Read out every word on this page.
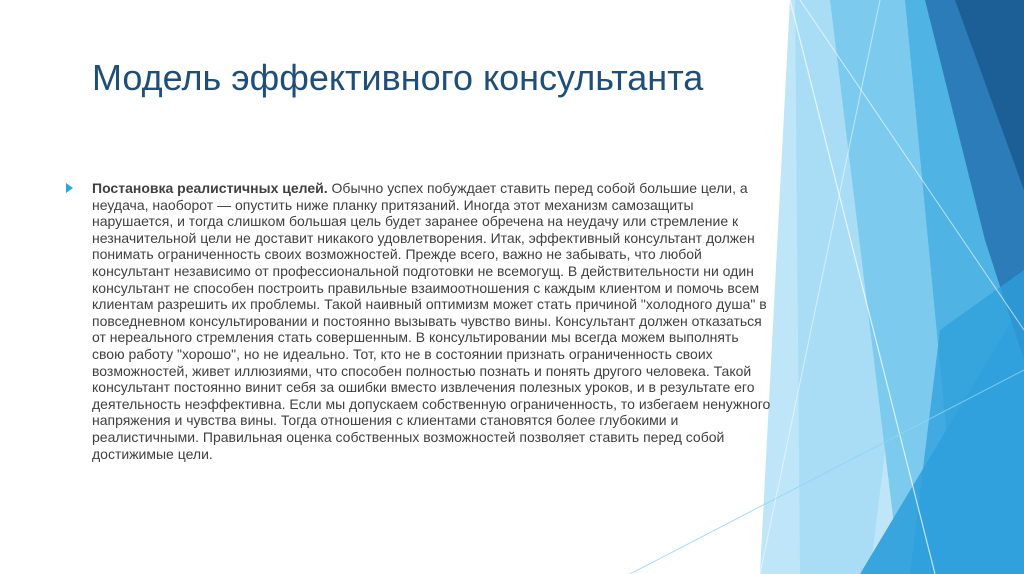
Модель эффективного консультанта
Постановка реалистичных целей. Обычно успех побуждает ставить перед собой большие цели, а неудача, наоборот — опустить ниже планку притязаний. Иногда этот механизм самозащиты нарушается, и тогда слишком большая цель будет заранее обречена на неудачу или стремление к незначительной цели не доставит никакого удовлетворения. Итак, эффективный консультант должен понимать ограниченность своих возможностей. Прежде всего, важно не забывать, что любой консультант независимо от профессиональной подготовки не всемогущ. В действительности ни один консультант не способен построить правильные взаимоотношения с каждым клиентом и помочь всем клиентам разрешить их проблемы. Такой наивный оптимизм может стать причиной "холодного душа" в повседневном консультировании и постоянно вызывать чувство вины. Консультант должен отказаться от нереального стремления стать совершенным. В консультировании мы всегда можем выполнять свою работу "хорошо", но не идеально. Тот, кто не в состоянии признать ограниченность своих возможностей, живет иллюзиями, что способен полностью познать и понять другого человека. Такой консультант постоянно винит себя за ошибки вместо извлечения полезных уроков, и в результате его деятельность неэффективна. Если мы допускаем собственную ограниченность, то избегаем ненужного напряжения и чувства вины. Тогда отношения с клиентами становятся более глубокими и реалистичными. Правильная оценка собственных возможностей позволяет ставить перед собой достижимые цели.
